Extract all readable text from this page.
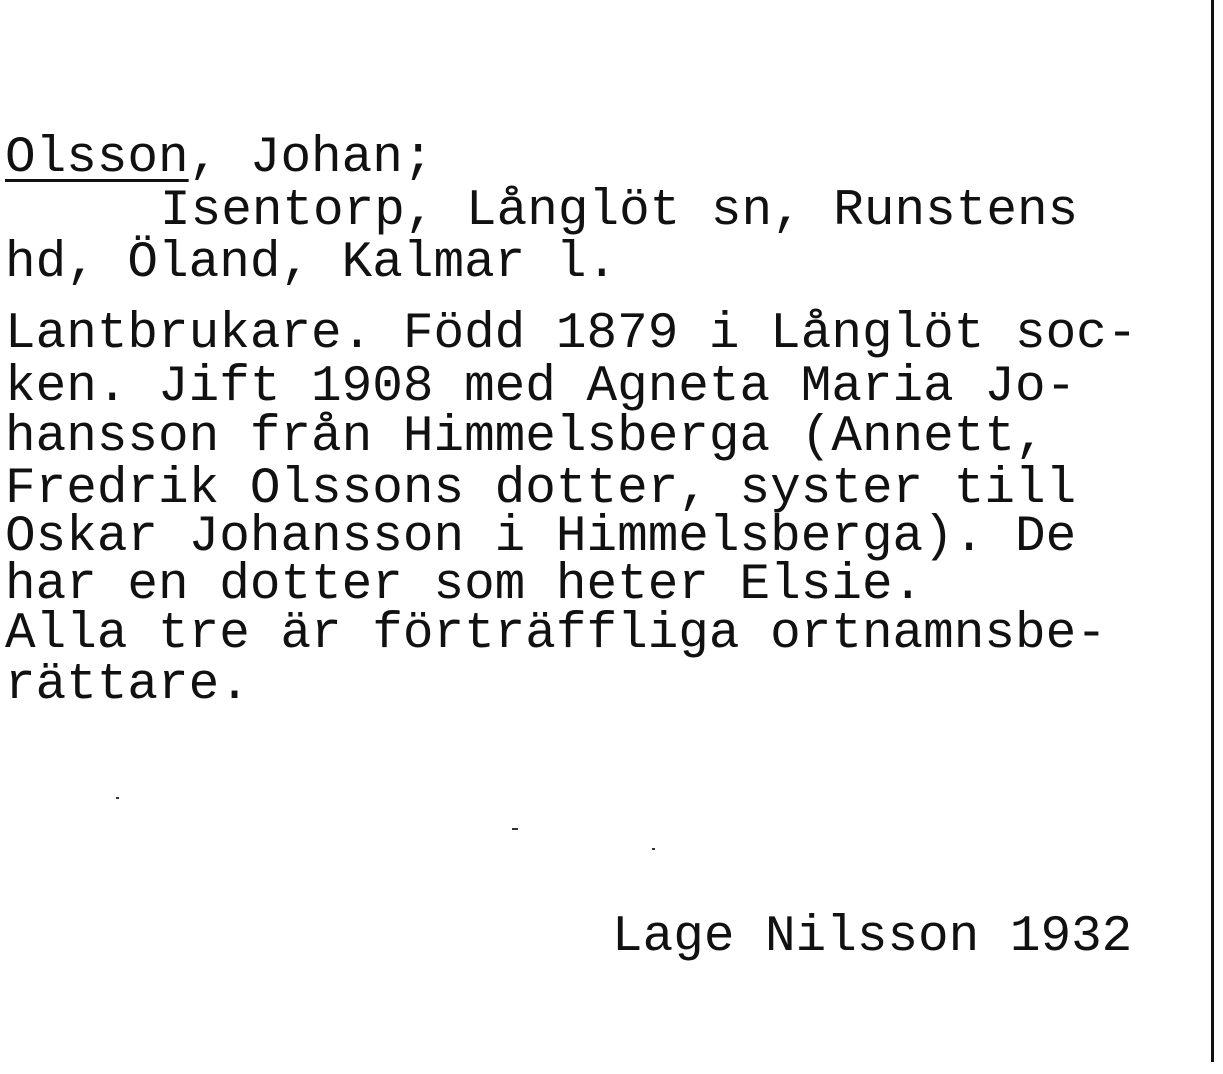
Olsson, Johan;
Isentorp, Långlöt sn, Runstens
hd, Öland, Kalmar l.
Lantbrukare. Född 1879 i Långlöt soc-
ken. Jift 1908 med Agneta Maria Jo-
hansson från Himmelsberga (Annett,
Fredrik Olssons dotter, syster till
Oskar Johansson i Himmelsberga). De
har en dotter som heter Elsie.
Alla tre är förträffliga ortnamnsbe-
rättare.
Lage Nilsson 1932
